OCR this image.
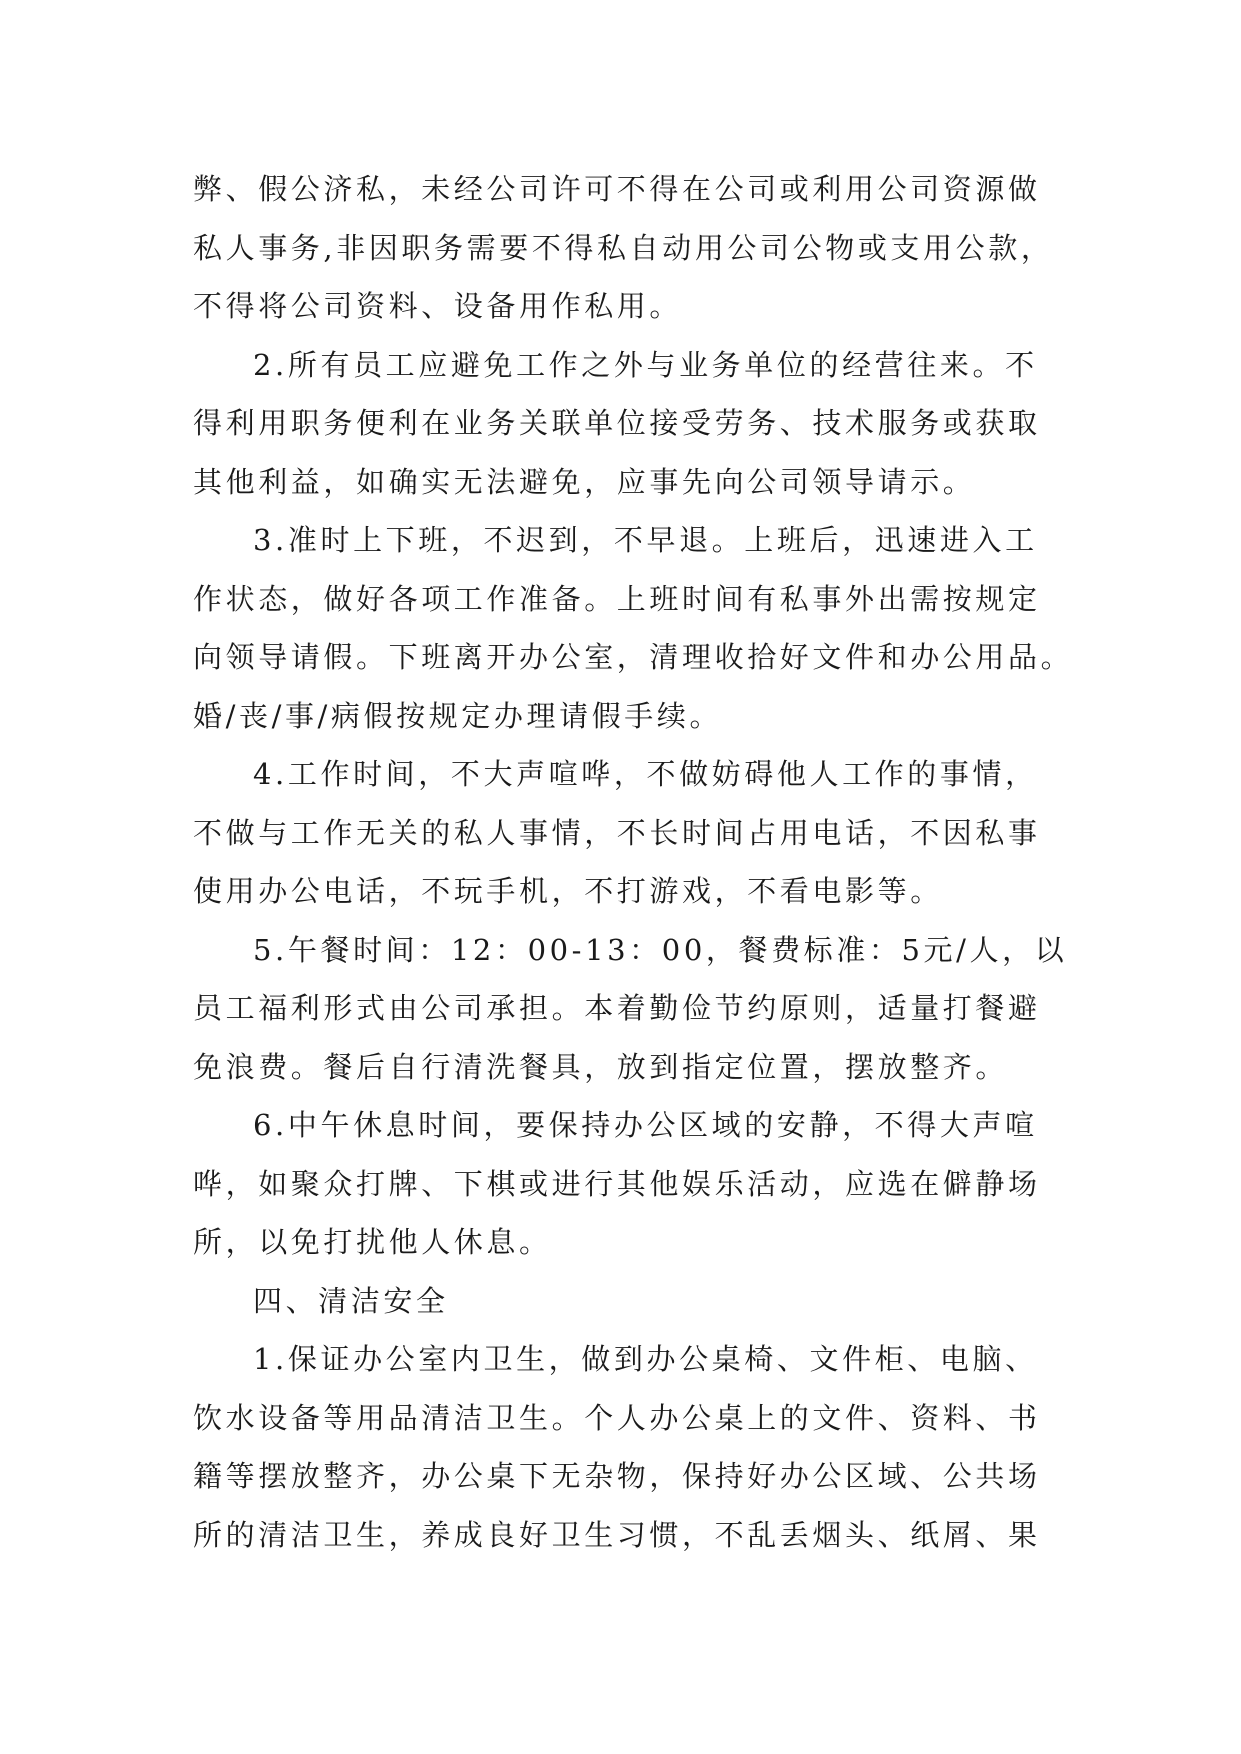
弊、假公济私，未经公司许可不得在公司或利用公司资源做
私人事务,非因职务需要不得私自动用公司公物或支用公款，
不得将公司资料、设备用作私用。
2.所有员工应避免工作之外与业务单位的经营往来。不
得利用职务便利在业务关联单位接受劳务、技术服务或获取
其他利益，如确实无法避免，应事先向公司领导请示。
3.准时上下班，不迟到，不早退。上班后，迅速进入工
作状态，做好各项工作准备。上班时间有私事外出需按规定
向领导请假。下班离开办公室，清理收拾好文件和办公用品。
婚/丧/事/病假按规定办理请假手续。
4.工作时间，不大声喧哗，不做妨碍他人工作的事情，
不做与工作无关的私人事情，不长时间占用电话，不因私事
使用办公电话，不玩手机，不打游戏，不看电影等。
5.午餐时间：12：00-13：00，餐费标准：5元/人，以
员工福利形式由公司承担。本着勤俭节约原则，适量打餐避
免浪费。餐后自行清洗餐具，放到指定位置，摆放整齐。
6.中午休息时间，要保持办公区域的安静，不得大声喧
哗，如聚众打牌、下棋或进行其他娱乐活动，应选在僻静场
所，以免打扰他人休息。
四、清洁安全
1.保证办公室内卫生，做到办公桌椅、文件柜、电脑、
饮水设备等用品清洁卫生。个人办公桌上的文件、资料、书
籍等摆放整齐，办公桌下无杂物，保持好办公区域、公共场
所的清洁卫生，养成良好卫生习惯，不乱丢烟头、纸屑、果
